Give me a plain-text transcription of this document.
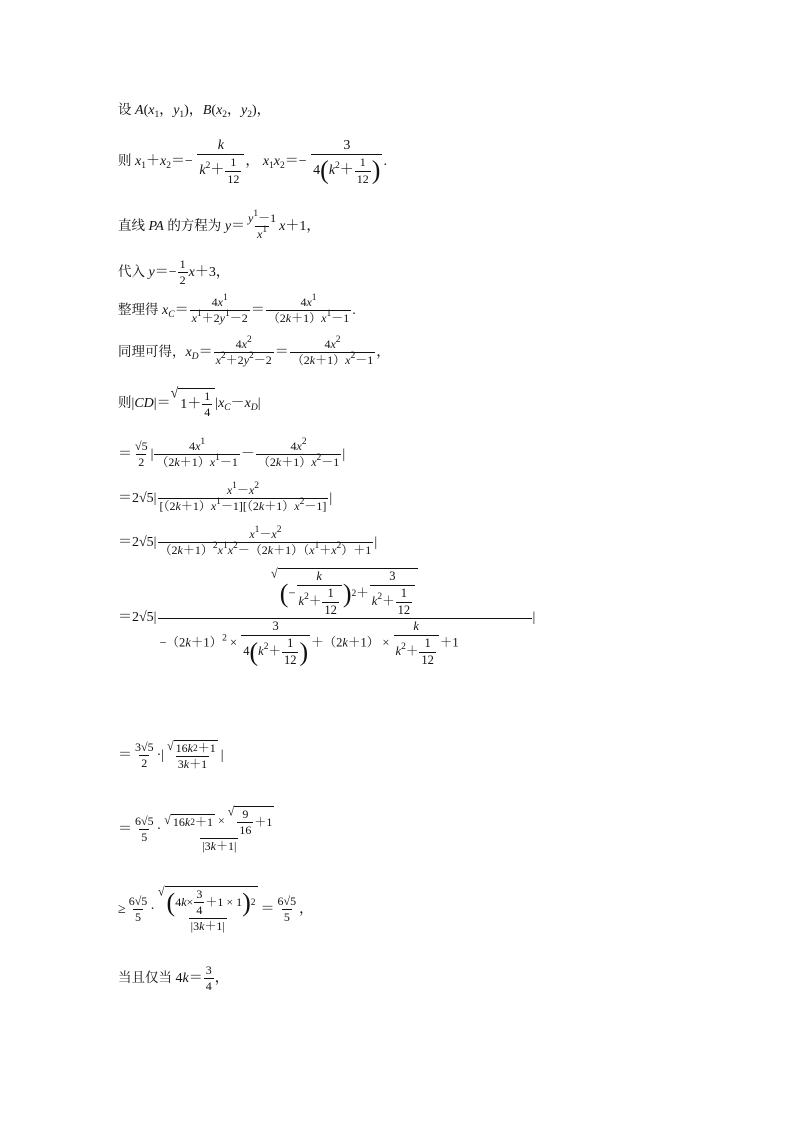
设 $A(x_1$，$y_1$)，$B(x_2$，$y_2$)，
则 $x_1+x_2=- \frac{k}{k^2+ \frac{1}{12}}$ ， $x_1x_2=- \frac{3}{4(k^2+ \frac{1}{12} )}$ .
直线 PA 的方程为 $y= \frac{y^1-1}{x^1} x+1$，
代入 $y=- \frac{1}{2} x+3$，
整理得 $x_C= \frac{4x^1}{x^1+2y^1-2} = \frac{4x^1}{(2k+1)x^1-1}$ .
同理可得，$x_D= \frac{4x^2}{x^2+2y^2-2} = \frac{4x^2}{(2k+1)x^2-1}$ ，
则|CD|＝
√
1＋
1
4
$|x_C-x_D|$
＝ $\frac{√5}{2}$ | $\frac{4x^1}{(2k+1)x^1-1} - \frac{4x^2}{(2k+1)x^2-1}$ |
$=2√5| \frac{x^1-x^2}{[(2k+1)x^1-1][(2k+1)x^2-1]}$ |
$=2√5| \frac{x^1-x^2}{(2k+1)^2x^1x^2-(2k+1)(x^1+x^2)+1}$ |
＝2√5| √
( −
k
$k^2+ \frac{1}{12}$ ) 2 ＋
3
$k^2+ \frac{1}{12}$
$-(2k+1)^2 \times \frac{3}{4(k^2+ \frac{1}{12} )} +(2k+1) \times \frac{k}{k^2+ \frac{1}{12}} +1$ |
＝ $\frac{3√5}{2}$ ·| $\frac{√ 16 k 2 +1}{3k+1}$ |
＝ $\frac{6√5}{5}$ · √ 16 k 2 ＋1 ×
√ 9
16
＋1
|3k＋1|
≥ $\frac{6√5}{5}$ · √ ( 4 k ×
3
4
＋1 × 1 ) 2
$|3k+1| = \frac{6√5}{5}$ ，
当且仅当 $4k= \frac{3}{4}$ ，
